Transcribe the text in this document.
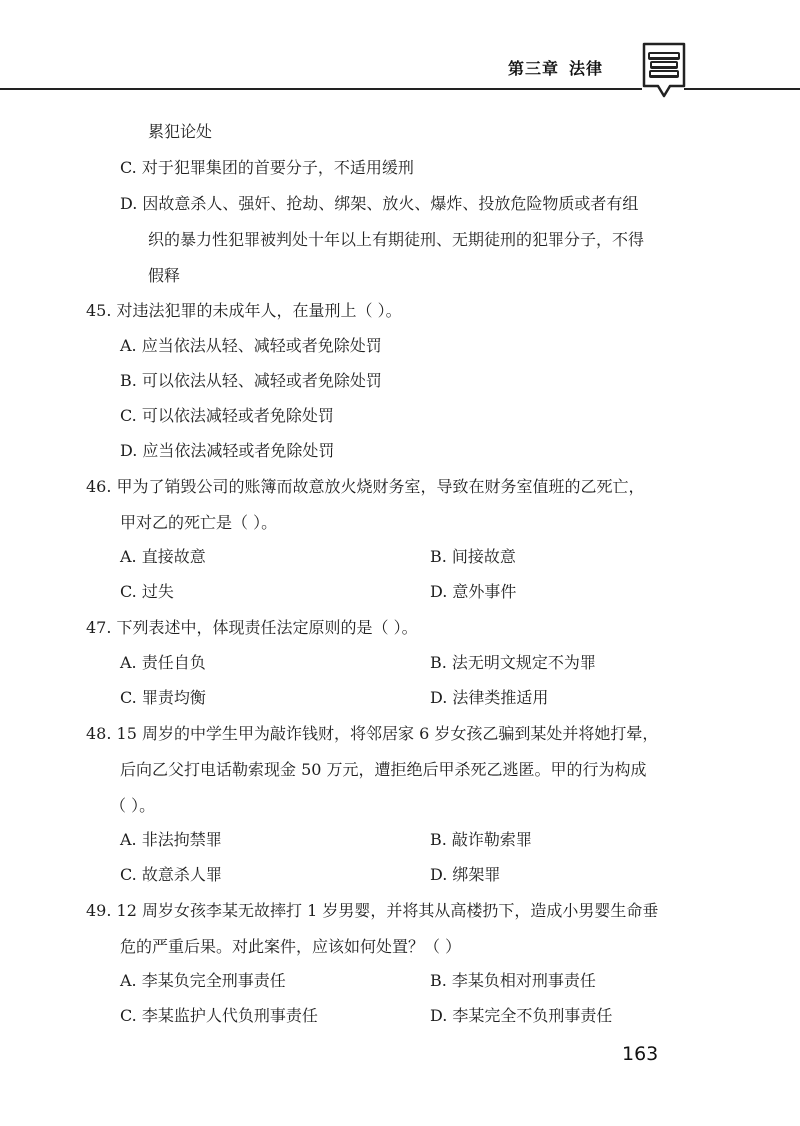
第三章 法律
累犯论处
C. 对于犯罪集团的首要分子，不适用缓刑
D. 因故意杀人、强奸、抢劫、绑架、放火、爆炸、投放危险物质或者有组
织的暴力性犯罪被判处十年以上有期徒刑、无期徒刑的犯罪分子，不得
假释
45. 对违法犯罪的未成年人，在量刑上（ ）。
A. 应当依法从轻、减轻或者免除处罚
B. 可以依法从轻、减轻或者免除处罚
C. 可以依法减轻或者免除处罚
D. 应当依法减轻或者免除处罚
46. 甲为了销毁公司的账簿而故意放火烧财务室，导致在财务室值班的乙死亡，
甲对乙的死亡是（ ）。
A. 直接故意	B. 间接故意
C. 过失	D. 意外事件
47. 下列表述中，体现责任法定原则的是（ ）。
A. 责任自负	B. 法无明文规定不为罪
C. 罪责均衡	D. 法律类推适用
48. 15 周岁的中学生甲为敲诈钱财，将邻居家 6 岁女孩乙骗到某处并将她打晕，
后向乙父打电话勒索现金 50 万元，遭拒绝后甲杀死乙逃匿。甲的行为构成
（ ）。
A. 非法拘禁罪	B. 敲诈勒索罪
C. 故意杀人罪	D. 绑架罪
49. 12 周岁女孩李某无故摔打 1 岁男婴，并将其从高楼扔下，造成小男婴生命垂
危的严重后果。对此案件，应该如何处置？（ ）
A. 李某负完全刑事责任	B. 李某负相对刑事责任
C. 李某监护人代负刑事责任	D. 李某完全不负刑事责任
163
